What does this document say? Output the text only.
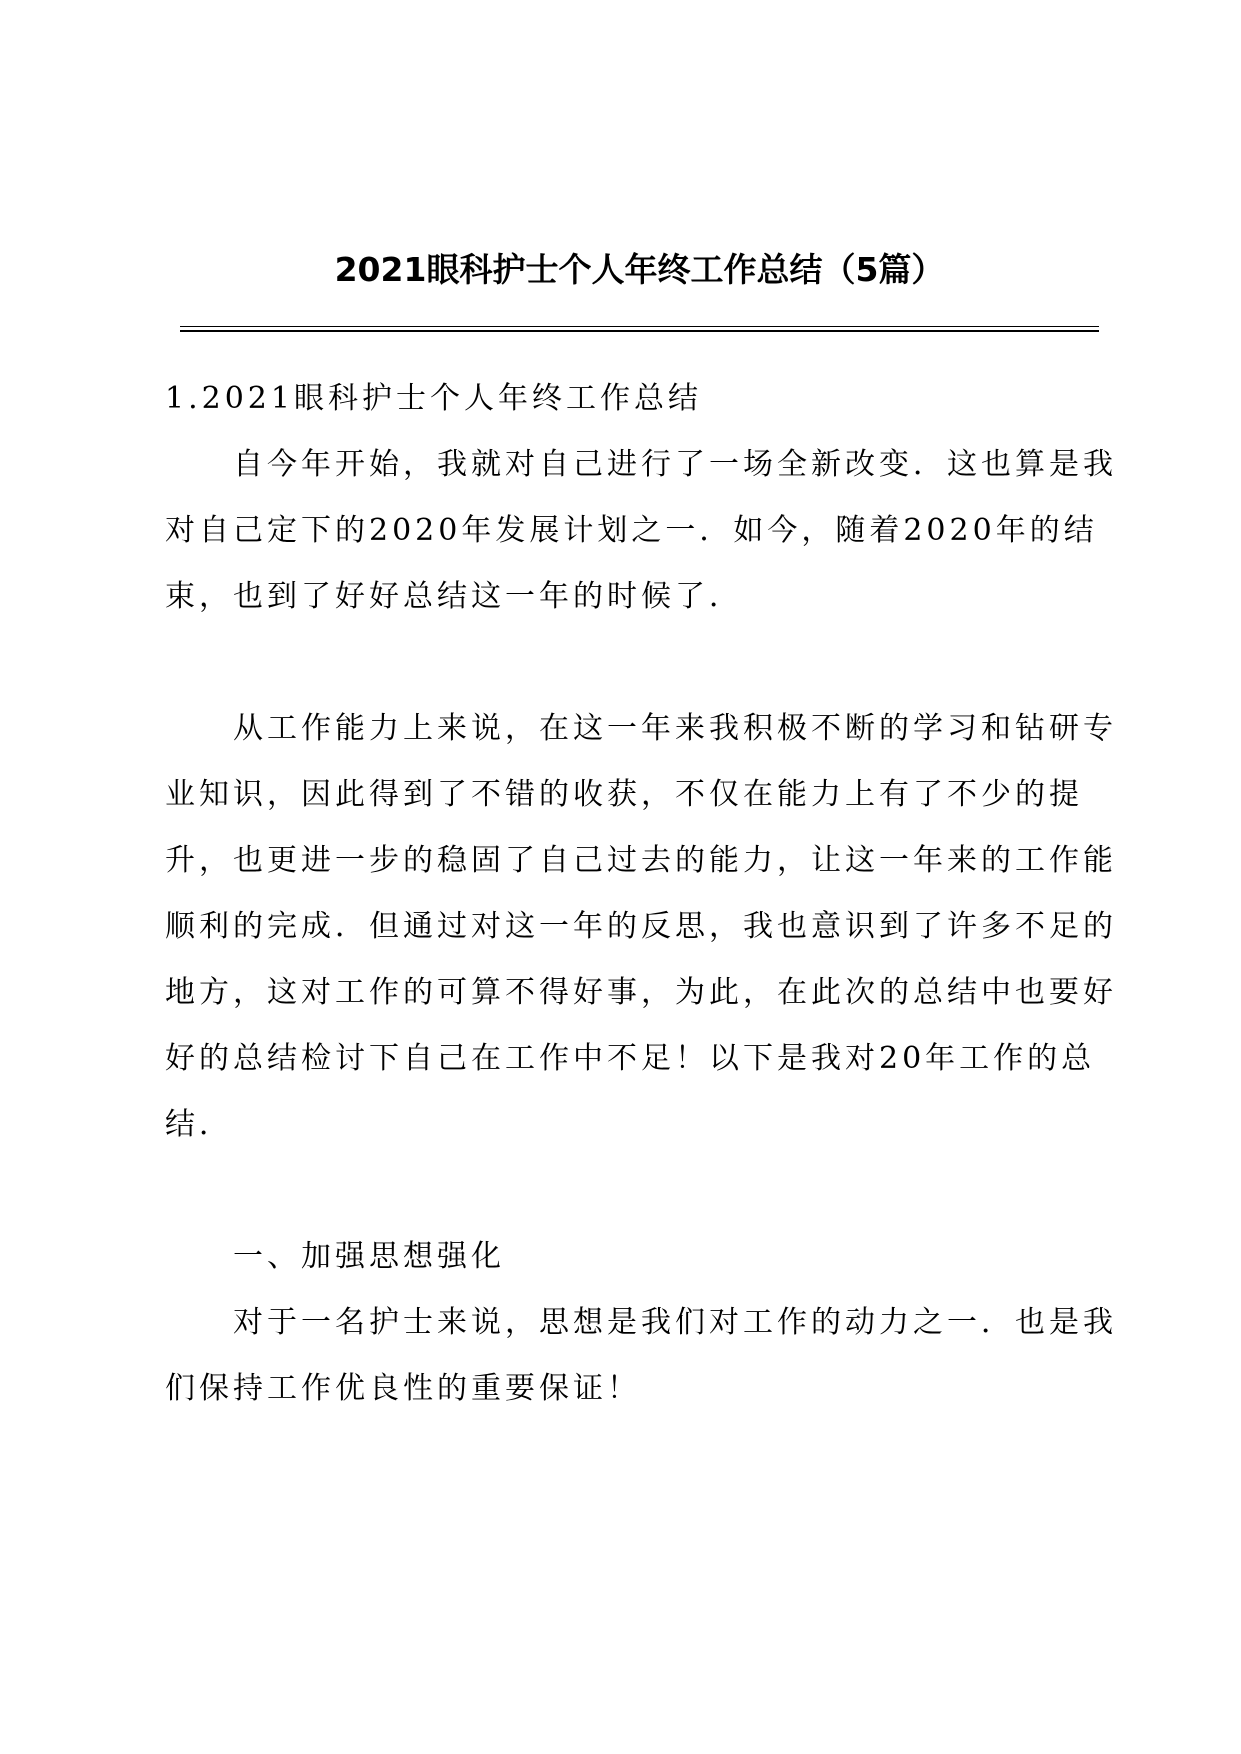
2021眼科护士个人年终工作总结（5篇）
1.2021眼科护士个人年终工作总结
自今年开始，我就对自己进行了一场全新改变．这也算是我
对自己定下的2020年发展计划之一．如今，随着2020年的结
束，也到了好好总结这一年的时候了．
从工作能力上来说，在这一年来我积极不断的学习和钻研专
业知识，因此得到了不错的收获，不仅在能力上有了不少的提
升，也更进一步的稳固了自己过去的能力，让这一年来的工作能
顺利的完成．但通过对这一年的反思，我也意识到了许多不足的
地方，这对工作的可算不得好事，为此，在此次的总结中也要好
好的总结检讨下自己在工作中不足！以下是我对20年工作的总
结．
一、加强思想强化
对于一名护士来说，思想是我们对工作的动力之一．也是我
们保持工作优良性的重要保证！
